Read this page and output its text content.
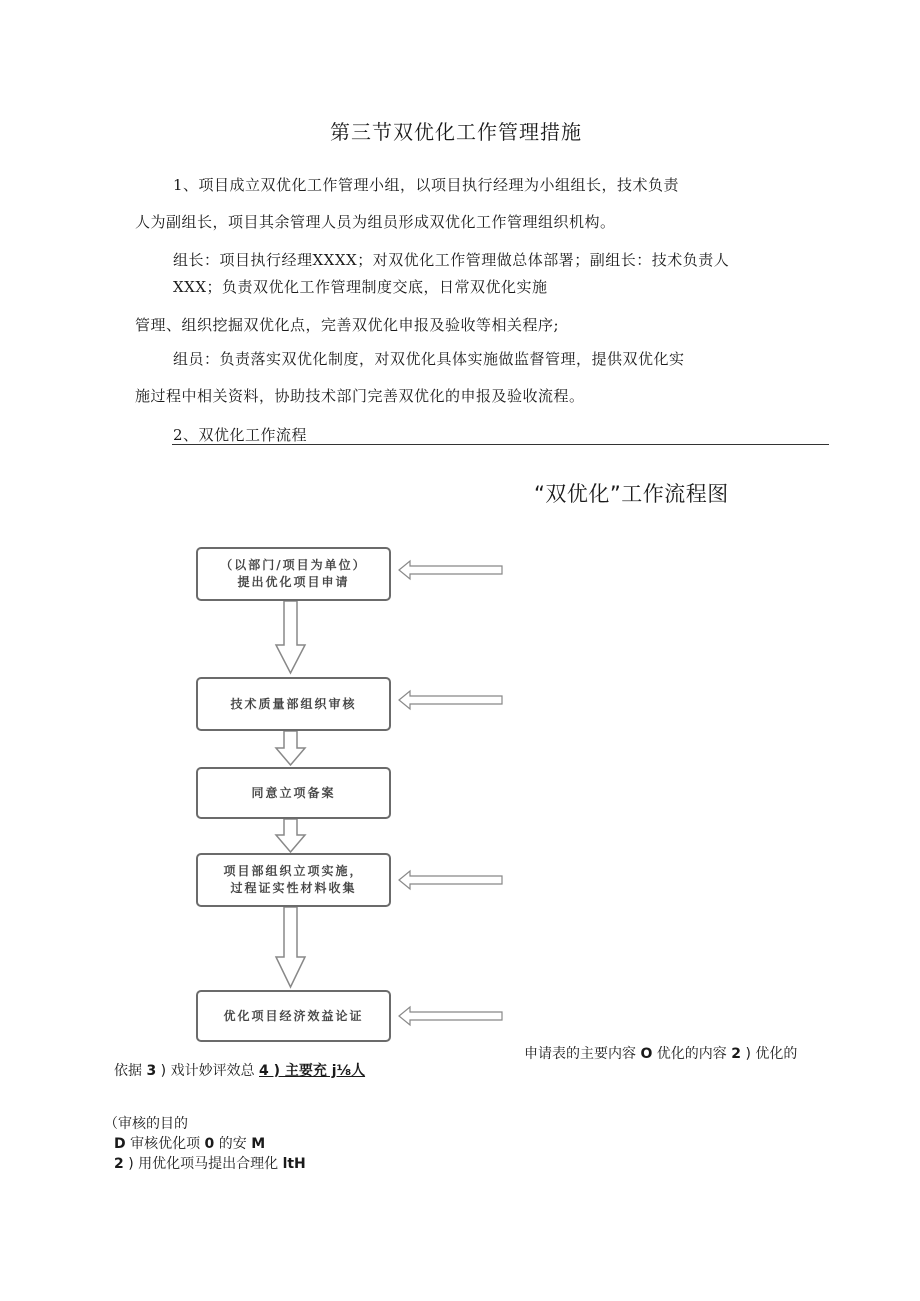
第三节双优化工作管理措施
1、项目成立双优化工作管理小组，以项目执行经理为小组组长，技术负责
人为副组长，项目其余管理人员为组员形成双优化工作管理组织机构。
组长：项目执行经理XXXX；对双优化工作管理做总体部署；副组长：技术负责人
XXX；负责双优化工作管理制度交底，日常双优化实施
管理、组织挖掘双优化点，完善双优化申报及验收等相关程序;
组员：负责落实双优化制度，对双优化具体实施做监督管理，提供双优化实
施过程中相关资料，协助技术部门完善双优化的申报及验收流程。
2、双优化工作流程
“双优化”工作流程图
（以部门/项目为单位）
提出优化项目申请
技术质量部组织审核
同意立项备案
项目部组织立项实施，
过程证实性材料收集
优化项目经济效益论证
申请表的主要内容 O 优化的内容 2 ) 优化的
依据 3 ) 戏计妙评效总 4 ) 主要充 j⅛人
（审核的目的
D 审核优化项 0 的安 M
2 ) 用优化项马提出合理化 ltH
